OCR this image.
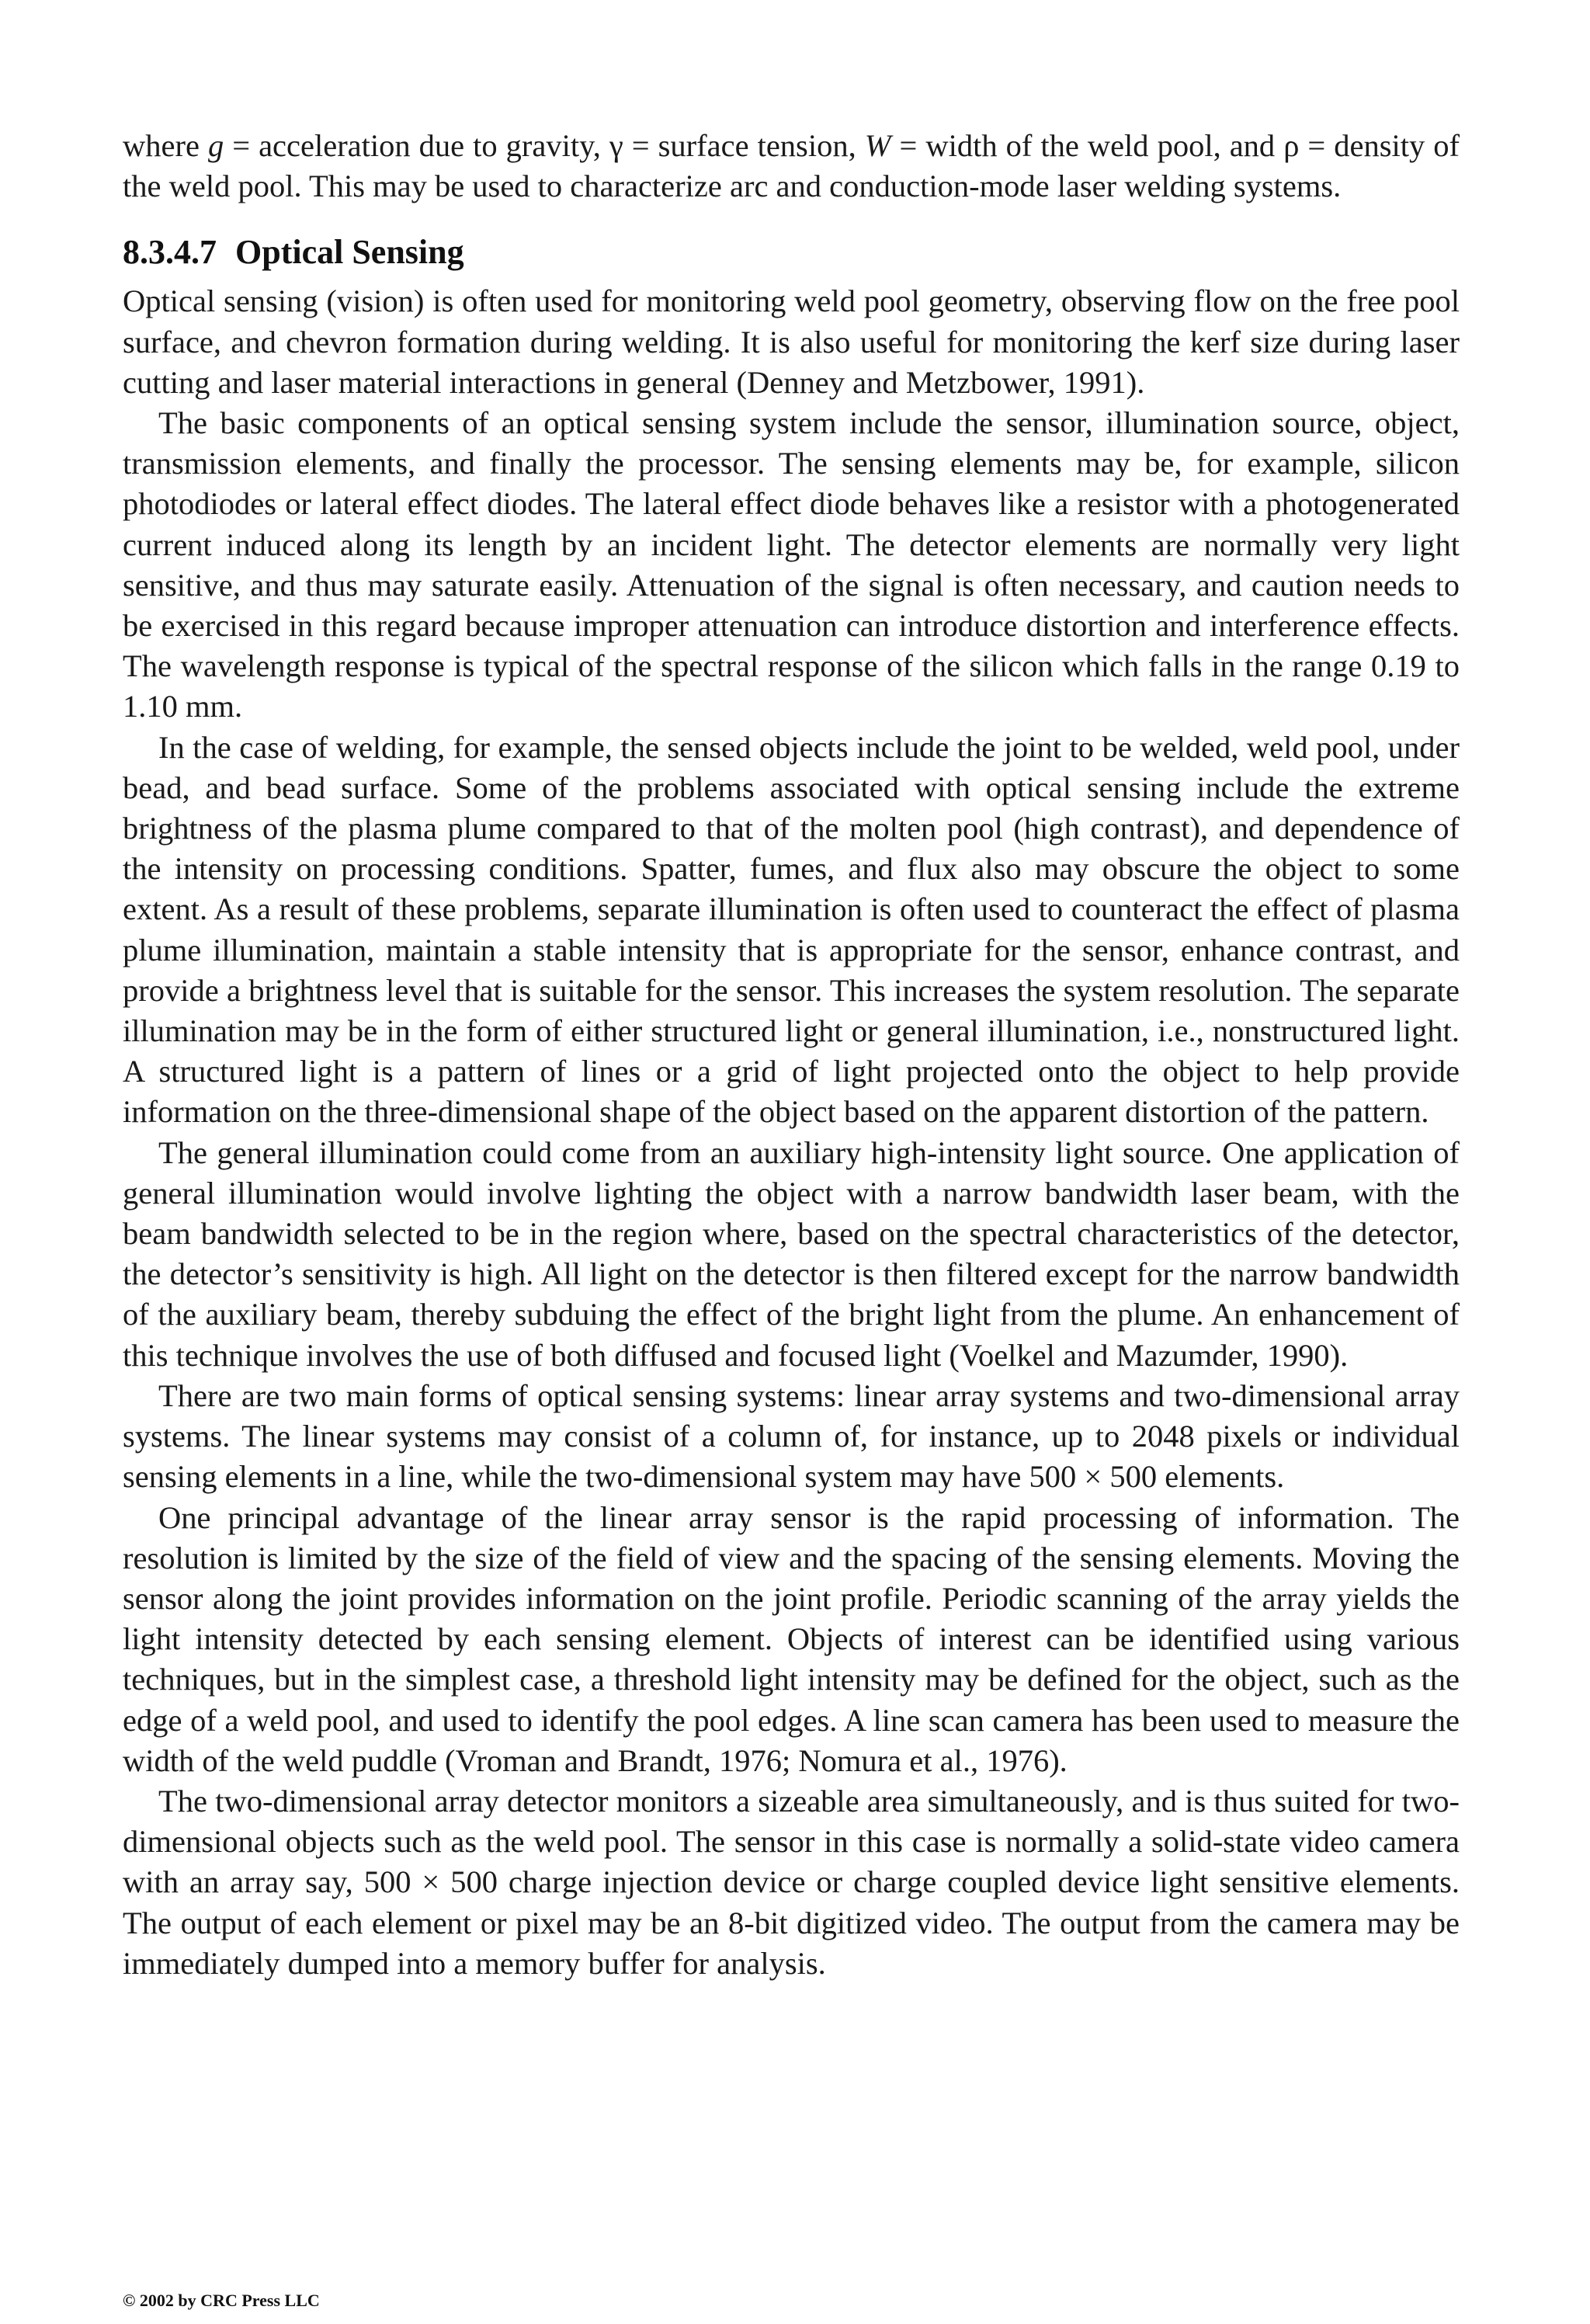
where g = acceleration due to gravity, γ = surface tension, W = width of the weld pool, and ρ = density of the weld pool. This may be used to characterize arc and conduction-mode laser welding systems.

8.3.4.7 Optical Sensing

Optical sensing (vision) is often used for monitoring weld pool geometry, observing flow on the free pool surface, and chevron formation during welding. It is also useful for monitoring the kerf size during laser cutting and laser material interactions in general (Denney and Metzbower, 1991).

The basic components of an optical sensing system include the sensor, illumination source, object, transmission elements, and finally the processor. The sensing elements may be, for example, silicon photodiodes or lateral effect diodes. The lateral effect diode behaves like a resistor with a photogenerated current induced along its length by an incident light. The detector elements are normally very light sensitive, and thus may saturate easily. Attenuation of the signal is often necessary, and caution needs to be exercised in this regard because improper attenuation can introduce distortion and interference effects. The wavelength response is typical of the spectral response of the silicon which falls in the range 0.19 to 1.10 mm.

In the case of welding, for example, the sensed objects include the joint to be welded, weld pool, under bead, and bead surface. Some of the problems associated with optical sensing include the extreme brightness of the plasma plume compared to that of the molten pool (high contrast), and dependence of the intensity on processing conditions. Spatter, fumes, and flux also may obscure the object to some extent. As a result of these problems, separate illumination is often used to counteract the effect of plasma plume illumination, maintain a stable intensity that is appropriate for the sensor, enhance contrast, and provide a brightness level that is suitable for the sensor. This increases the system resolution. The separate illumination may be in the form of either structured light or general illumination, i.e., nonstructured light. A structured light is a pattern of lines or a grid of light projected onto the object to help provide information on the three-dimensional shape of the object based on the apparent distortion of the pattern.

The general illumination could come from an auxiliary high-intensity light source. One application of general illumination would involve lighting the object with a narrow bandwidth laser beam, with the beam bandwidth selected to be in the region where, based on the spectral characteristics of the detector, the detector’s sensitivity is high. All light on the detector is then filtered except for the narrow bandwidth of the auxiliary beam, thereby subduing the effect of the bright light from the plume. An enhancement of this technique involves the use of both diffused and focused light (Voelkel and Mazumder, 1990).

There are two main forms of optical sensing systems: linear array systems and two-dimensional array systems. The linear systems may consist of a column of, for instance, up to 2048 pixels or individual sensing elements in a line, while the two-dimensional system may have 500 × 500 elements.

One principal advantage of the linear array sensor is the rapid processing of information. The resolution is limited by the size of the field of view and the spacing of the sensing elements. Moving the sensor along the joint provides information on the joint profile. Periodic scanning of the array yields the light intensity detected by each sensing element. Objects of interest can be identified using various techniques, but in the simplest case, a threshold light intensity may be defined for the object, such as the edge of a weld pool, and used to identify the pool edges. A line scan camera has been used to measure the width of the weld puddle (Vroman and Brandt, 1976; Nomura et al., 1976).

The two-dimensional array detector monitors a sizeable area simultaneously, and is thus suited for two-dimensional objects such as the weld pool. The sensor in this case is normally a solid-state video camera with an array say, 500 × 500 charge injection device or charge coupled device light sensitive elements. The output of each element or pixel may be an 8-bit digitized video. The output from the camera may be immediately dumped into a memory buffer for analysis.

© 2002 by CRC Press LLC
